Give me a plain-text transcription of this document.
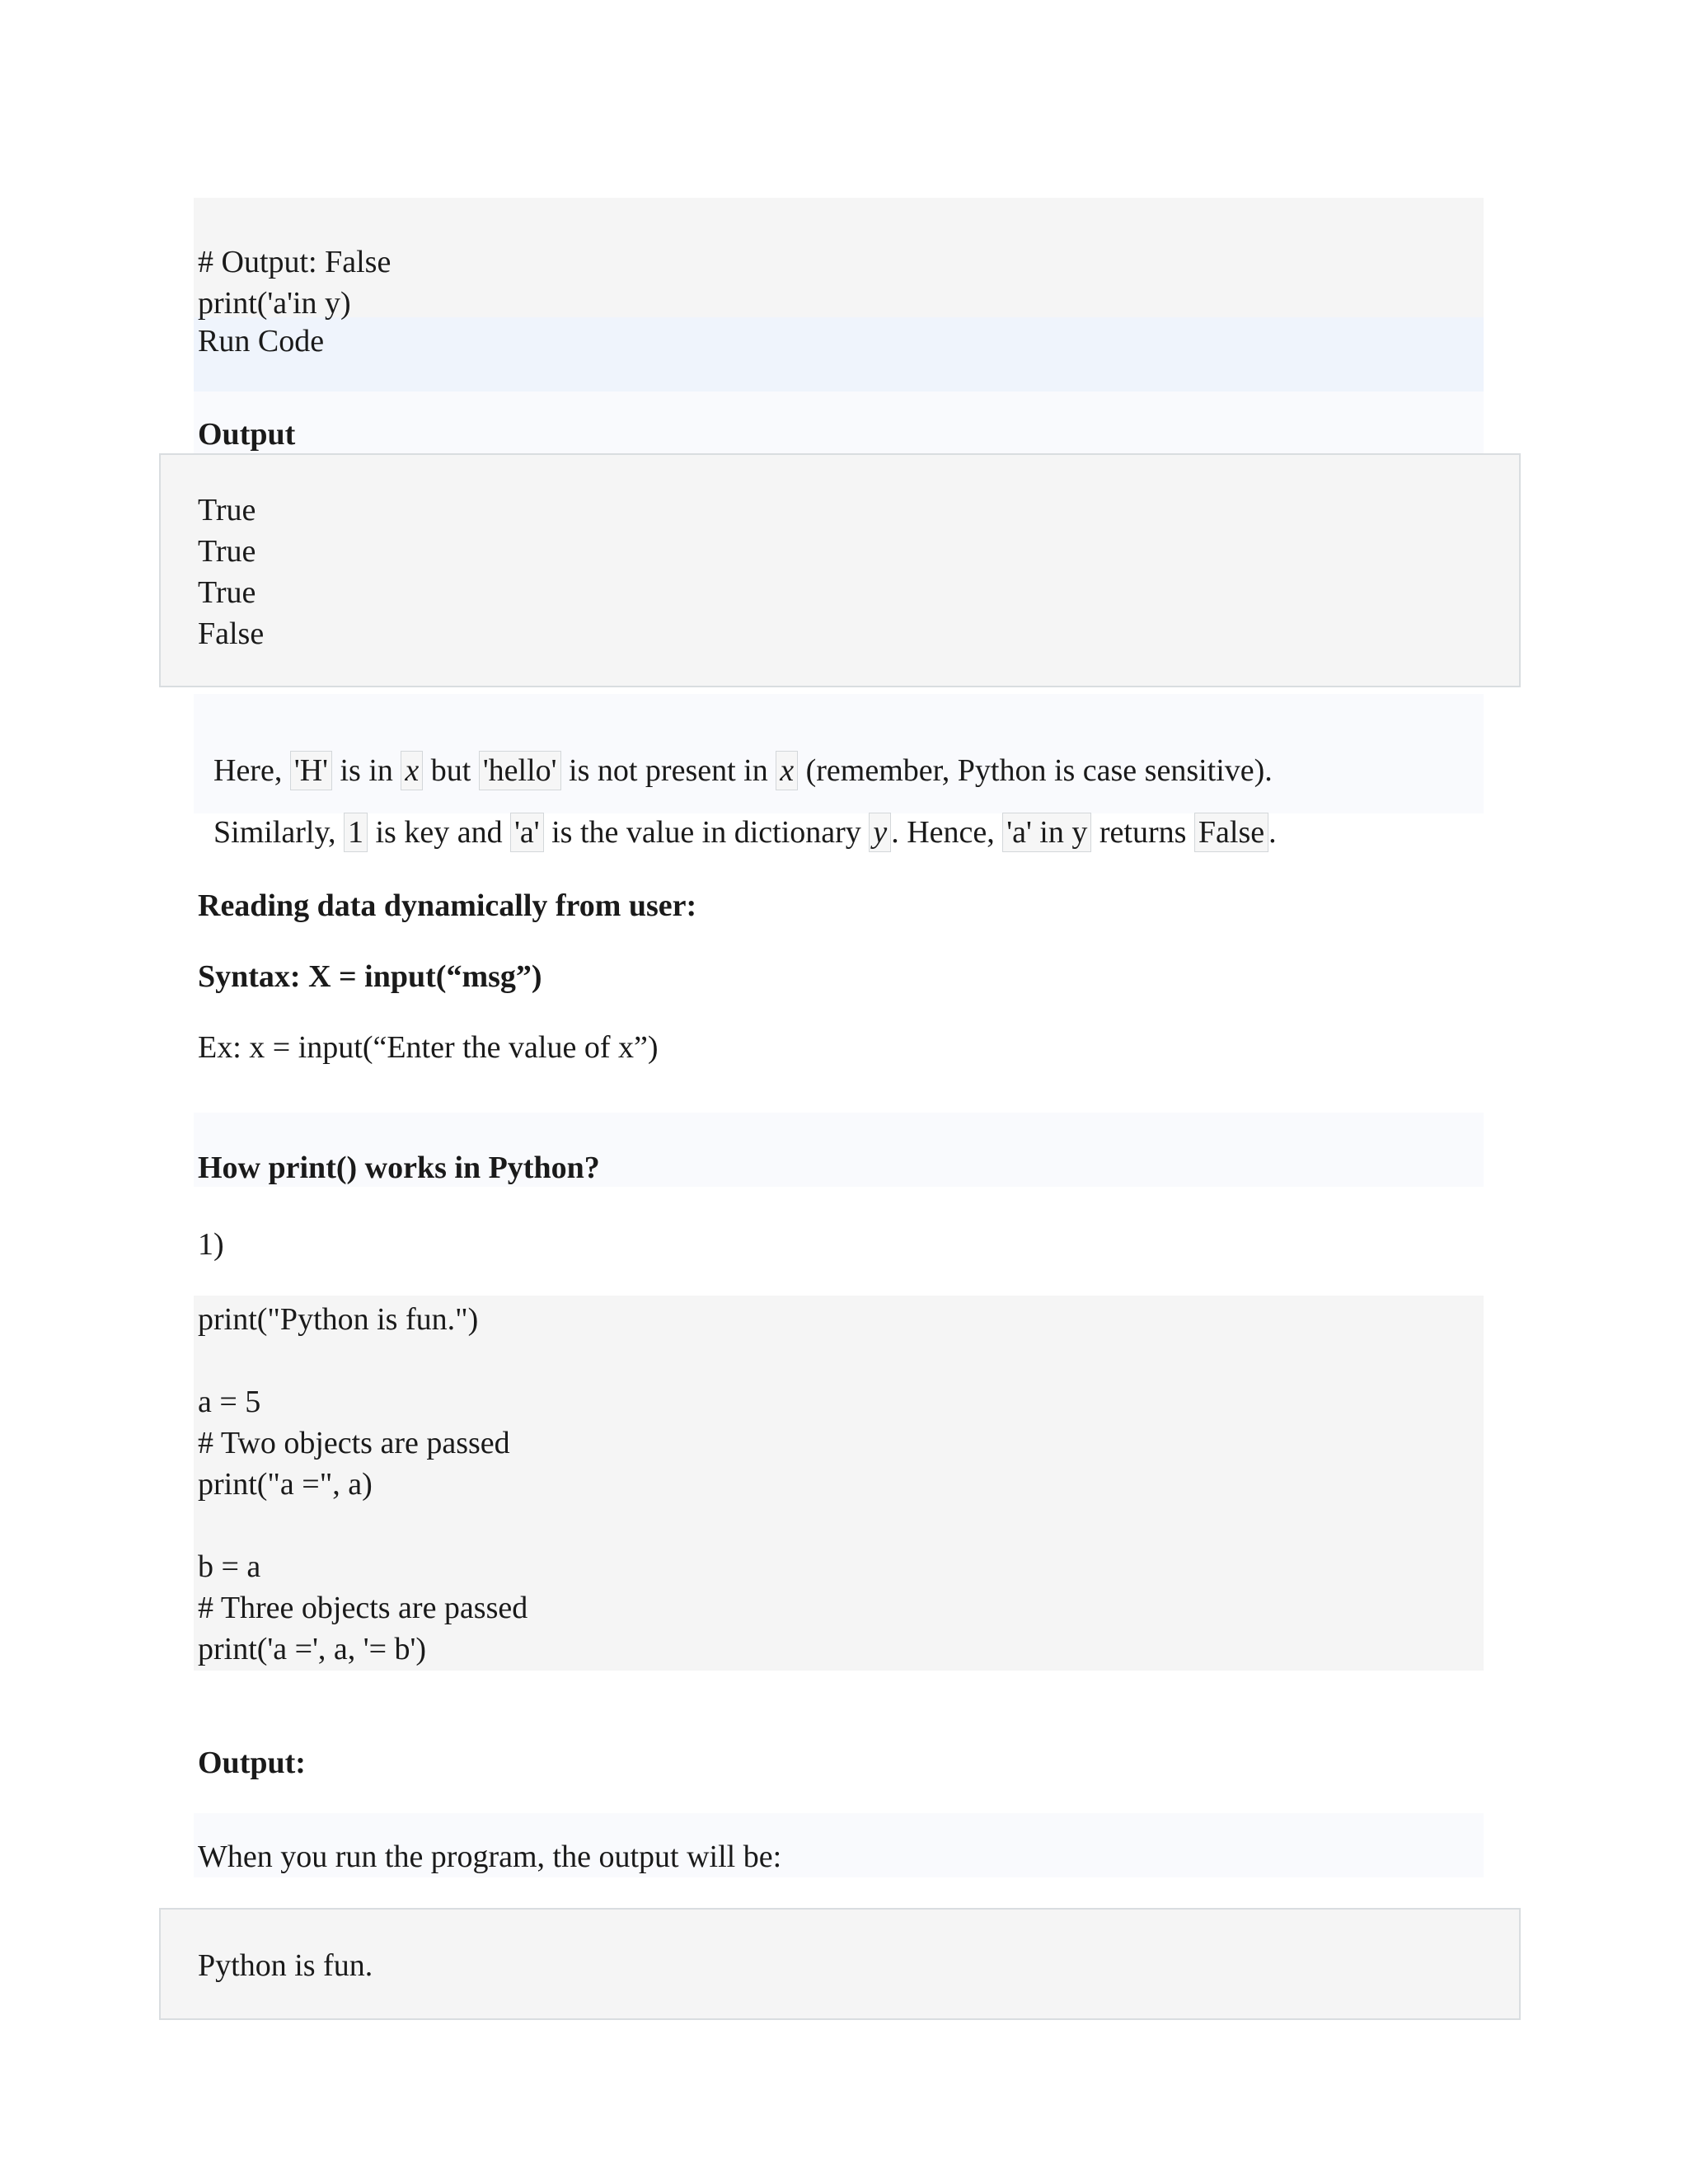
# Output: False
print('a'in y)
Run Code
Output
True
True
True
False

Here, 'H' is in x but 'hello' is not present in x (remember, Python is case sensitive).

Similarly, 1 is key and 'a' is the value in dictionary y . Hence, 'a' in y returns False .

Reading data dynamically from user:
Syntax: X = input(“msg”)
Ex: x = input(“Enter the value of x”)
How print() works in Python?
1)
print("Python is fun.")
a = 5
# Two objects are passed
print("a =", a)
b = a
# Three objects are passed
print('a =', a, '= b')
Output:
When you run the program, the output will be:
Python is fun.
